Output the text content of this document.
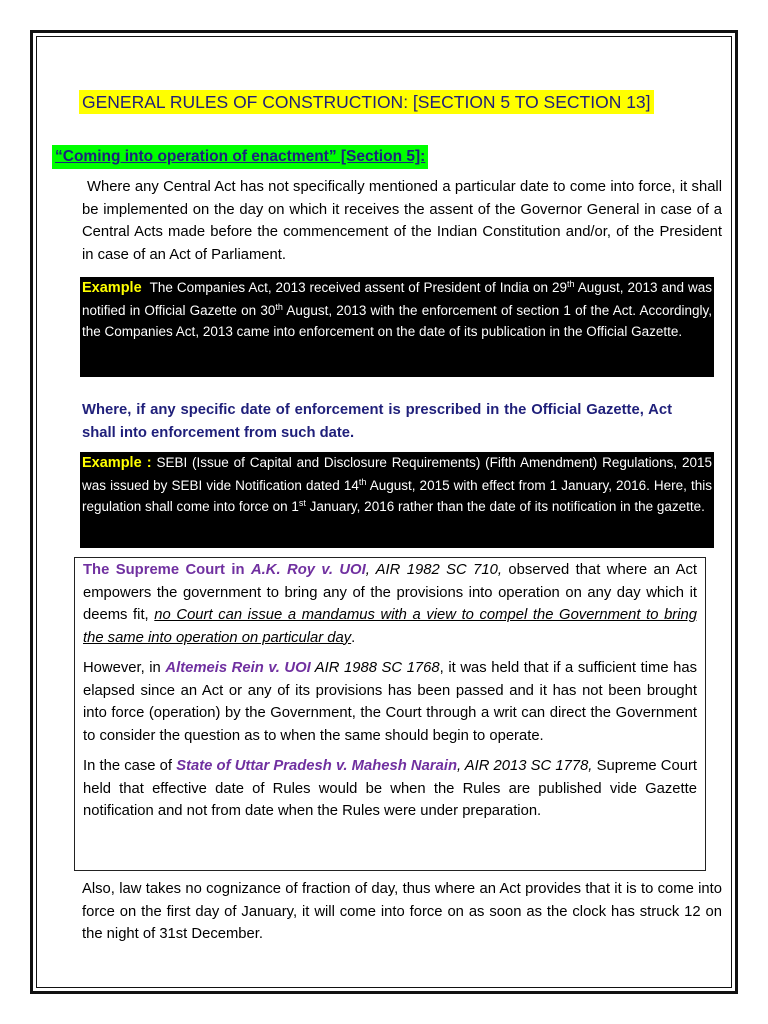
GENERAL RULES OF CONSTRUCTION: [SECTION 5 TO SECTION 13]
“Coming into operation of enactment” [Section 5]:
Where any Central Act has not specifically mentioned a particular date to come into force, it shall be implemented on the day on which it receives the assent of the Governor General in case of a Central Acts made before the commencement of the Indian Constitution and/or, of the President in case of an Act of Parliament.
Example The Companies Act, 2013 received assent of President of India on 29th August, 2013 and was notified in Official Gazette on 30th August, 2013 with the enforcement of section 1 of the Act. Accordingly, the Companies Act, 2013 came into enforcement on the date of its publication in the Official Gazette.
Where, if any specific date of enforcement is prescribed in the Official Gazette, Act shall into enforcement from such date.
Example : SEBI (Issue of Capital and Disclosure Requirements) (Fifth Amendment) Regulations, 2015 was issued by SEBI vide Notification dated 14th August, 2015 with effect from 1 January, 2016. Here, this regulation shall come into force on 1st January, 2016 rather than the date of its notification in the gazette.

The Supreme Court in A.K. Roy v. UOI, AIR 1982 SC 710, observed that where an Act empowers the government to bring any of the provisions into operation on any day which it deems fit, no Court can issue a mandamus with a view to compel the Government to bring the same into operation on particular day.

However, in Altemeis Rein v. UOI AIR 1988 SC 1768, it was held that if a sufficient time has elapsed since an Act or any of its provisions has been passed and it has not been brought into force (operation) by the Government, the Court through a writ can direct the Government to consider the question as to when the same should begin to operate.

In the case of State of Uttar Pradesh v. Mahesh Narain, AIR 2013 SC 1778, Supreme Court held that effective date of Rules would be when the Rules are published vide Gazette notification and not from date when the Rules were under preparation.

Also, law takes no cognizance of fraction of day, thus where an Act provides that it is to come into force on the first day of January, it will come into force on as soon as the clock has struck 12 on the night of 31st December.
